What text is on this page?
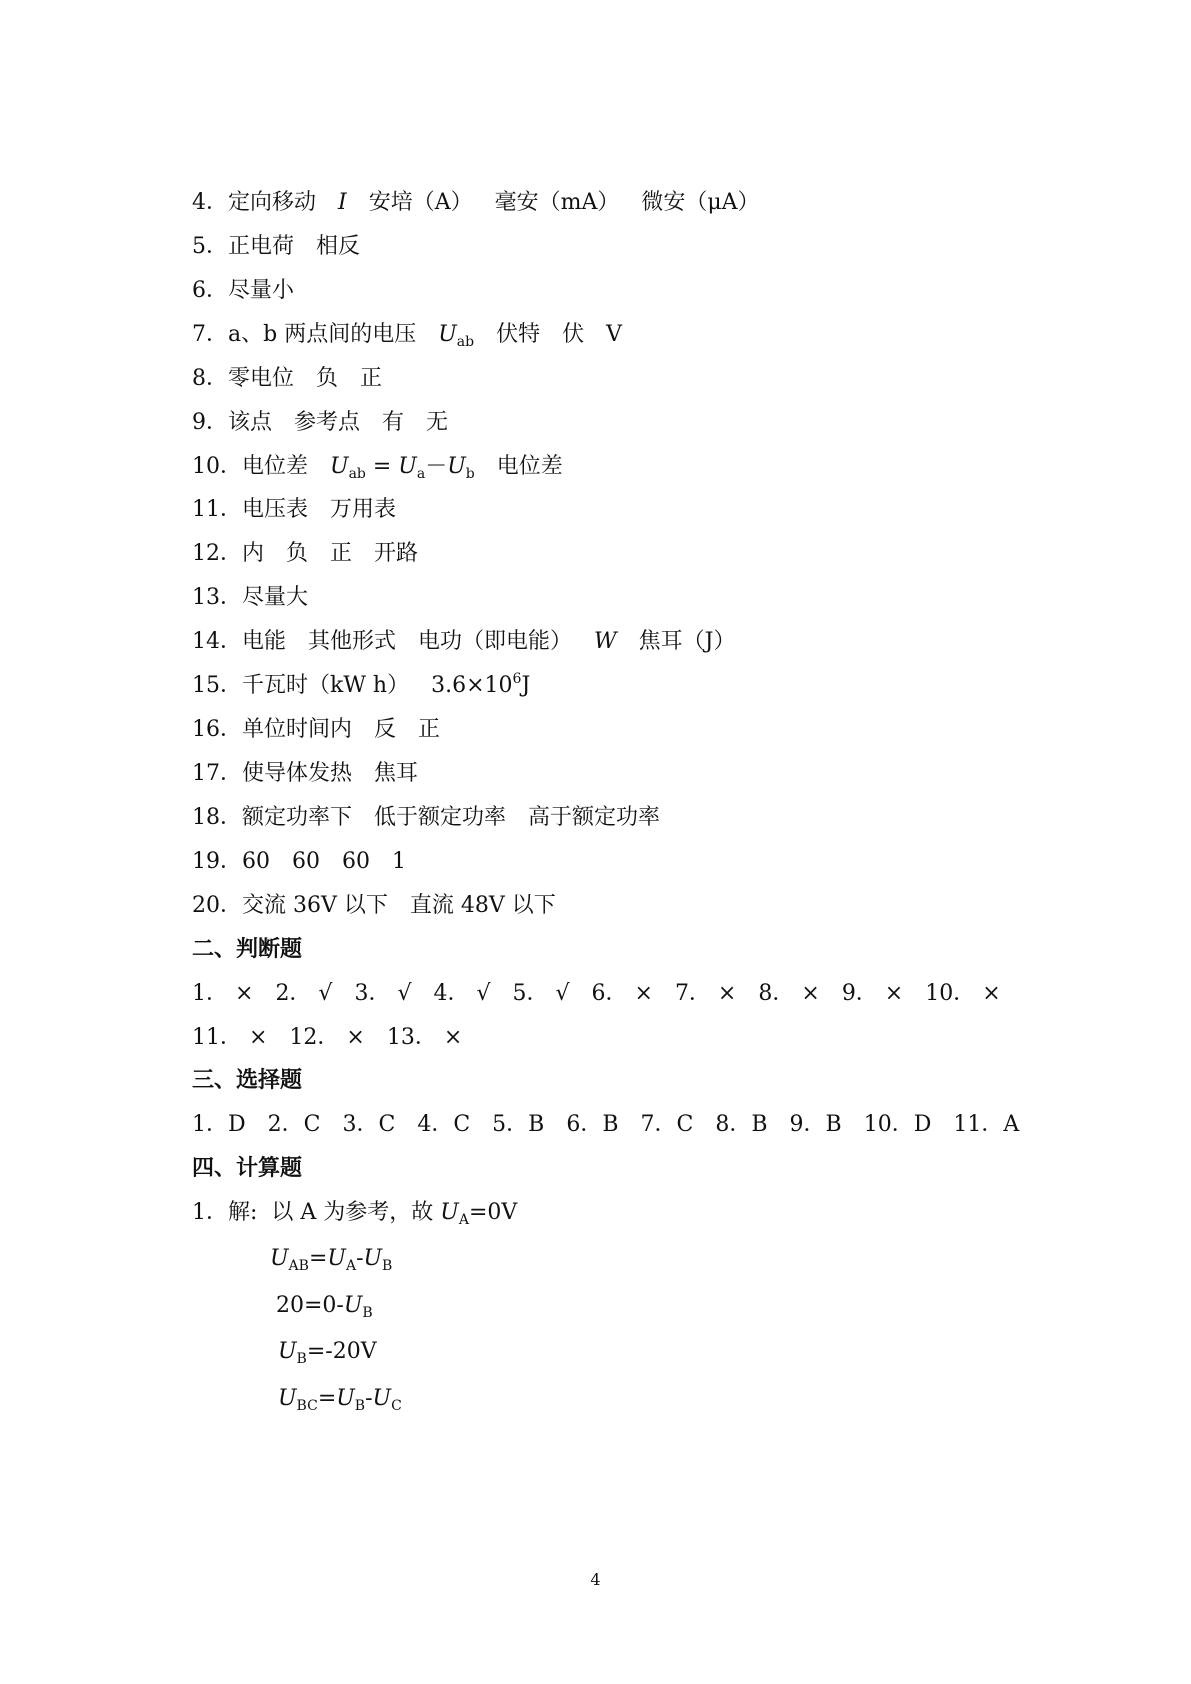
4．定向移动 I 安培（A） 毫安（mA） 微安（μA）
5．正电荷 相反
6．尽量小
7．a、b 两点间的电压 $U_{ab}$ 伏特 伏 V
8．零电位 负 正
9．该点 参考点 有 无
10．电位差 $U_{ab} = U_a-U_b$ 电位差
11．电压表 万用表
12．内 负 正 开路
13．尽量大
14．电能 其他形式 电功（即电能） W 焦耳（J）
15．千瓦时（kW h） $3.6\times 10^6J$
16．单位时间内 反 正
17．使导体发热 焦耳
18．额定功率下 低于额定功率 高于额定功率
19．60 60 60 1
20．交流 36V 以下 直流 48V 以下
二、判断题
1． × 2． √ 3． √ 4． √ 5． √ 6． × 7． × 8． × 9． × 10． ×
11． × 12． × 13． ×
三、选择题
1．D 2．C 3．C 4．C 5．B 6．B 7．C 8．B 9．B 10．D 11．A
四、计算题
1．解: 以 A 为参考，故 $U_A=0V$
$U_{AB}=U_A-U_B$
$20=0-U_B$
$U_B=-20V$
$U_{BC}=U_B-U_C$
4
